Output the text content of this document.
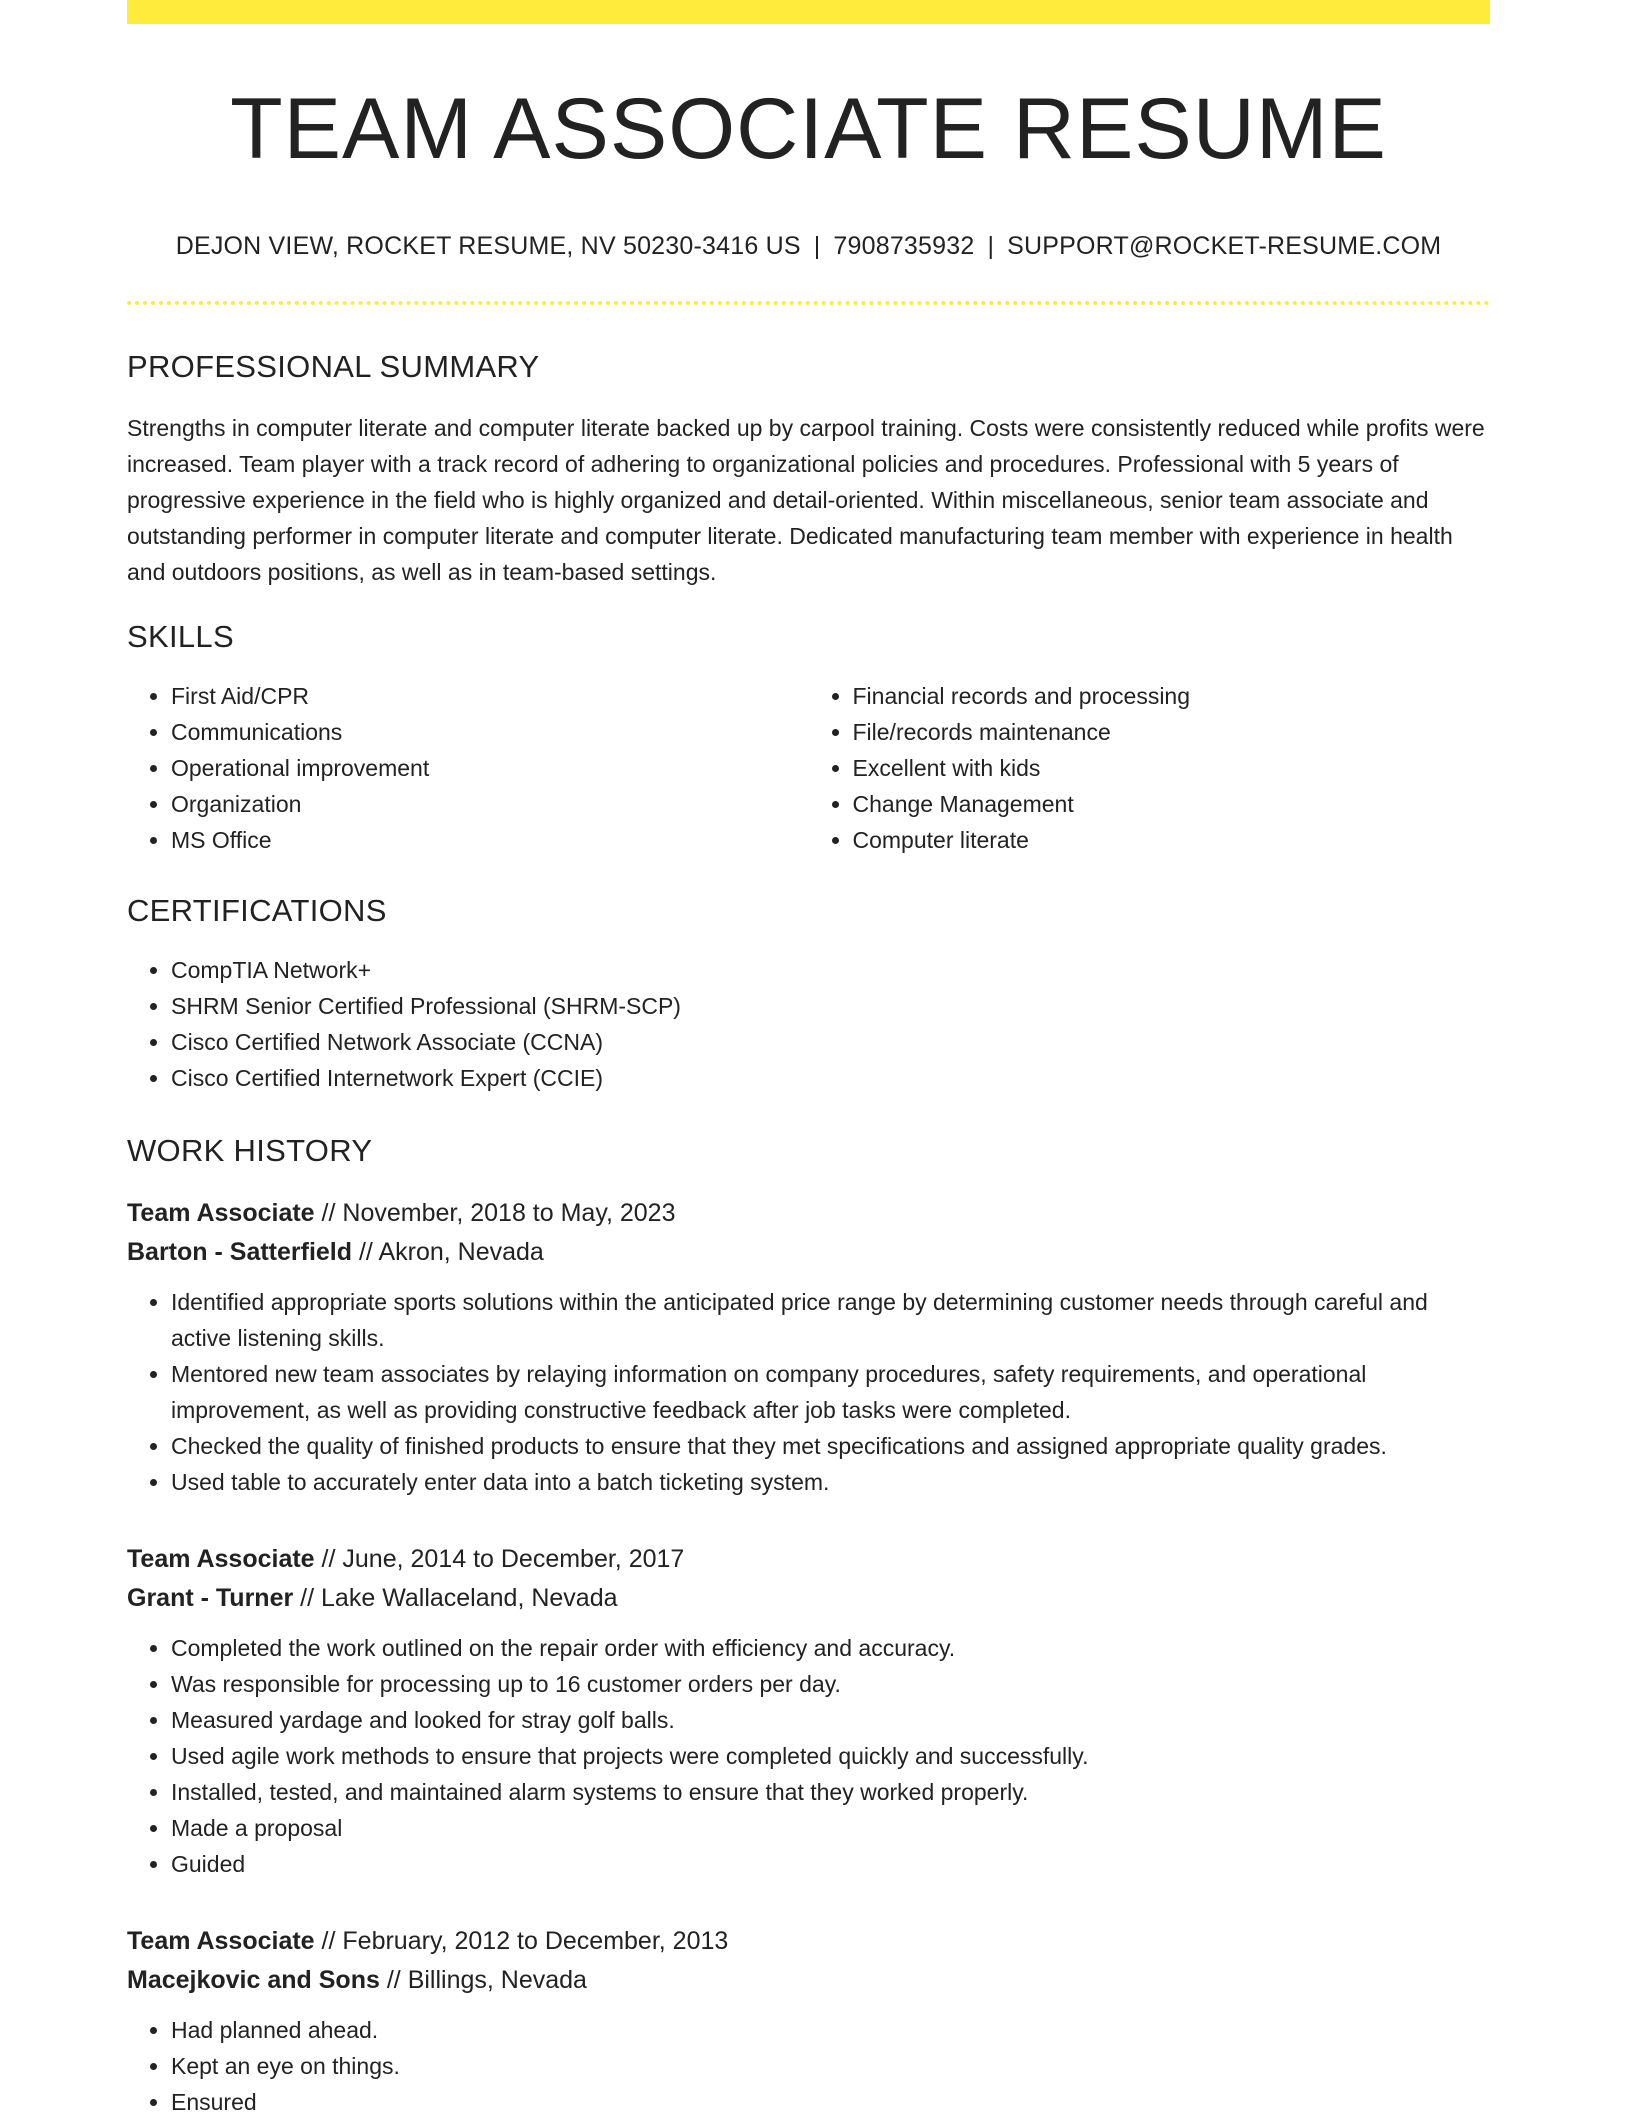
TEAM ASSOCIATE RESUME
DEJON VIEW, ROCKET RESUME, NV 50230-3416 US | 7908735932 | SUPPORT@ROCKET-RESUME.COM
PROFESSIONAL SUMMARY

Strengths in computer literate and computer literate backed up by carpool training. Costs were consistently reduced while profits were increased. Team player with a track record of adhering to organizational policies and procedures. Professional with 5 years of progressive experience in the field who is highly organized and detail-oriented. Within miscellaneous, senior team associate and outstanding performer in computer literate and computer literate. Dedicated manufacturing team member with experience in health and outdoors positions, as well as in team-based settings.

SKILLS
• First Aid/CPR
• Communications
• Operational improvement
• Organization
• MS Office
• Financial records and processing
• File/records maintenance
• Excellent with kids
• Change Management
• Computer literate
CERTIFICATIONS
• CompTIA Network+
• SHRM Senior Certified Professional (SHRM-SCP)
• Cisco Certified Network Associate (CCNA)
• Cisco Certified Internetwork Expert (CCIE)
WORK HISTORY
Team Associate // November, 2018 to May, 2023
Barton - Satterfield // Akron, Nevada
• Identified appropriate sports solutions within the anticipated price range by determining customer needs through careful and active listening skills.
• Mentored new team associates by relaying information on company procedures, safety requirements, and operational improvement, as well as providing constructive feedback after job tasks were completed.
• Checked the quality of finished products to ensure that they met specifications and assigned appropriate quality grades.
• Used table to accurately enter data into a batch ticketing system.
Team Associate // June, 2014 to December, 2017
Grant - Turner // Lake Wallaceland, Nevada
• Completed the work outlined on the repair order with efficiency and accuracy.
• Was responsible for processing up to 16 customer orders per day.
• Measured yardage and looked for stray golf balls.
• Used agile work methods to ensure that projects were completed quickly and successfully.
• Installed, tested, and maintained alarm systems to ensure that they worked properly.
• Made a proposal
• Guided
Team Associate // February, 2012 to December, 2013
Macejkovic and Sons // Billings, Nevada
• Had planned ahead.
• Kept an eye on things.
• Ensured
